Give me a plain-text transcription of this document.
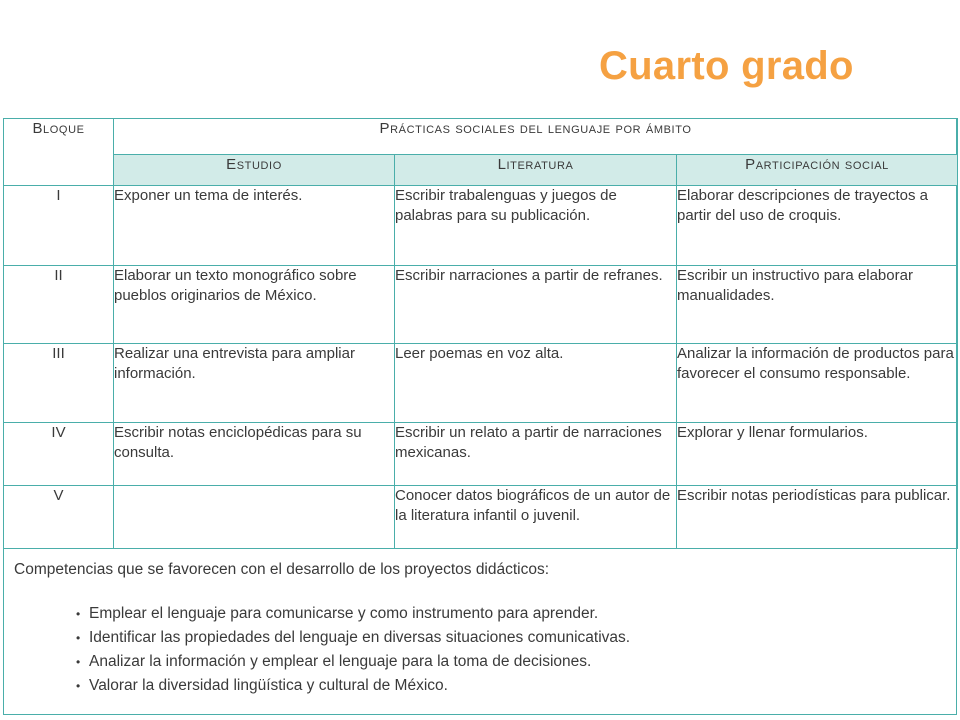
Cuarto grado
Bloque	Prácticas sociales del lenguaje por ámbito		
	Estudio	Literatura	Participación social
I	Exponer un tema de interés.	Escribir trabalenguas y juegos de palabras para su publicación.	Elaborar descripciones de trayectos a partir del uso de croquis.
II	Elaborar un texto monográfico sobre pueblos originarios de México.	Escribir narraciones a partir de refranes.	Escribir un instructivo para elaborar manualidades.
III	Realizar una entrevista para ampliar información.	Leer poemas en voz alta.	Analizar la información de productos para favorecer el consumo responsable.
IV	Escribir notas enciclopédicas para su consulta.	Escribir un relato a partir de narraciones mexicanas.	Explorar y llenar formularios.
V		Conocer datos biográficos de un autor de la literatura infantil o juvenil.	Escribir notas periodísticas para publicar.
Competencias que se favorecen con el desarrollo de los proyectos didácticos:
• Emplear el lenguaje para comunicarse y como instrumento para aprender.
• Identificar las propiedades del lenguaje en diversas situaciones comunicativas.
• Analizar la información y emplear el lenguaje para la toma de decisiones.
• Valorar la diversidad lingüística y cultural de México.
